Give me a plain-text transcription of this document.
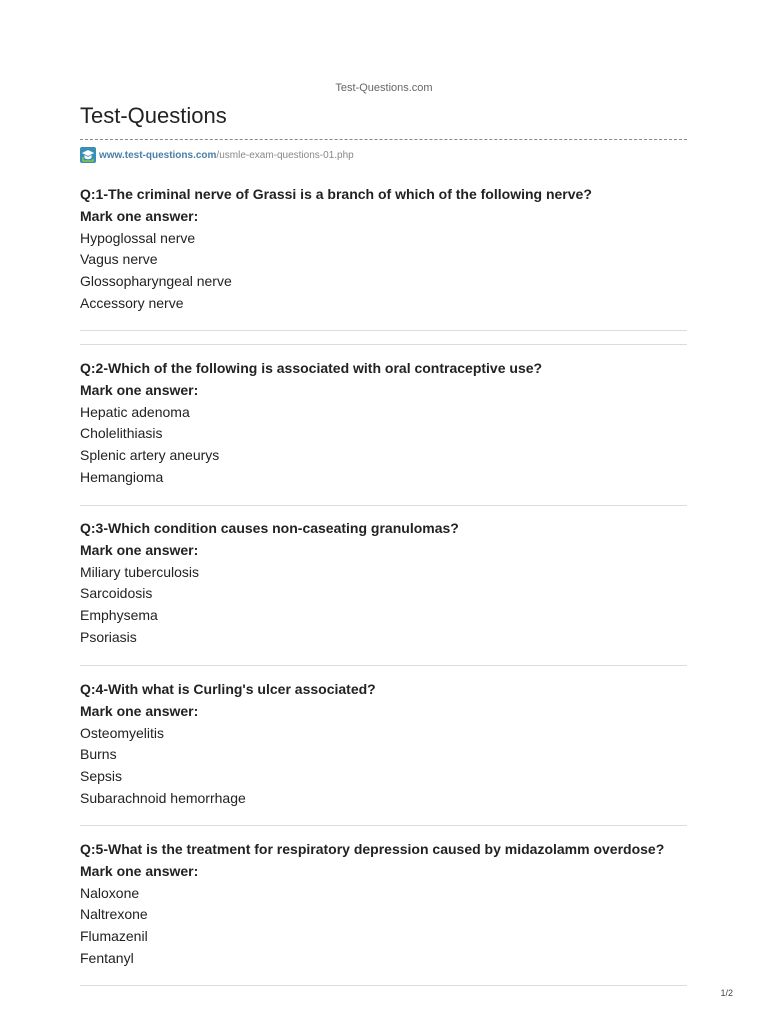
Test-Questions.com
Test-Questions
www.test-questions.com /usmle-exam-questions-01.php
Q:1-The criminal nerve of Grassi is a branch of which of the following nerve?
Mark one answer:
Hypoglossal nerve
Vagus nerve
Glossopharyngeal nerve
Accessory nerve
Q:2-Which of the following is associated with oral contraceptive use?
Mark one answer:
Hepatic adenoma
Cholelithiasis
Splenic artery aneurys
Hemangioma
Q:3-Which condition causes non-caseating granulomas?
Mark one answer:
Miliary tuberculosis
Sarcoidosis
Emphysema
Psoriasis
Q:4-With what is Curling's ulcer associated?
Mark one answer:
Osteomyelitis
Burns
Sepsis
Subarachnoid hemorrhage
Q:5-What is the treatment for respiratory depression caused by midazolamm overdose?
Mark one answer:
Naloxone
Naltrexone
Flumazenil
Fentanyl
1/2
